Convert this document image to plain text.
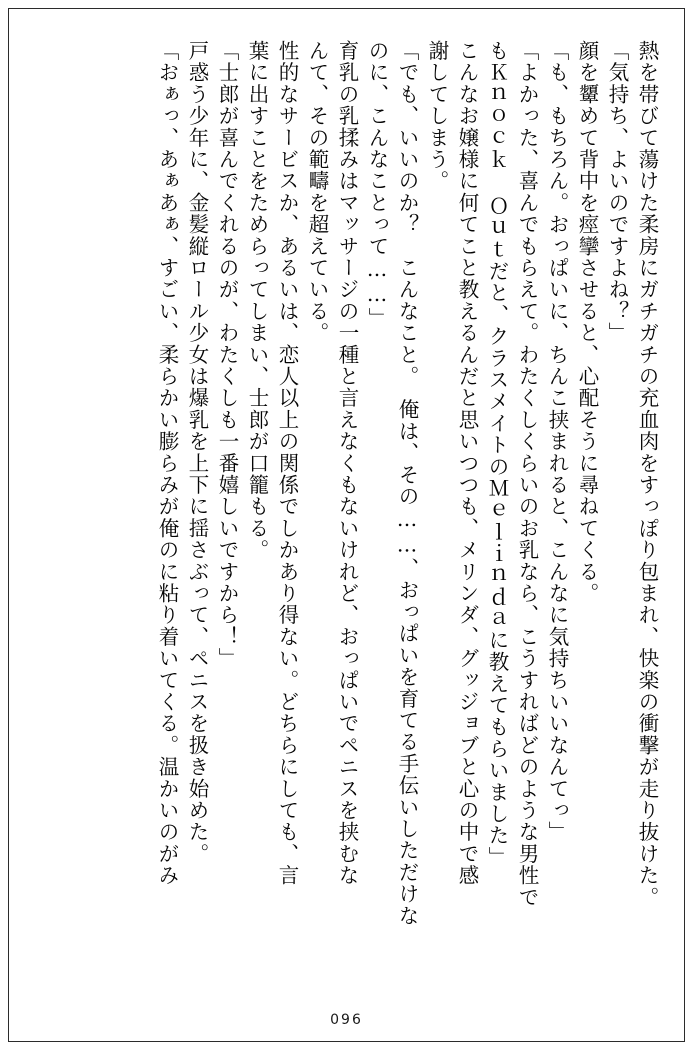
熱を帯びて蕩けた柔房にガチガチの充血肉をすっぽり包まれ、快楽の衝撃が走り抜けた。
「気持ち、よいのですよね？」
顔を顰めて背中を痙攣させると、心配そうに尋ねてくる。
「も、もちろん。おっぱいに、ちんこ挟まれると、こんなに気持ちいいなんてっ」
「よかった、喜んでもらえて。わたくしくらいのお乳なら、こうすればどのような男性で
もＫｎｏｃｋ Ｏｕｔだと、クラスメイトのＭｅｌｉｎｄａに教えてもらいました」
こんなお嬢様に何てこと教えるんだと思いつつも、メリンダ、グッジョブと心の中で感
謝してしまう。
「でも、いいのか？　こんなこと。　俺は、その……、おっぱいを育てる手伝いしただけな
のに、こんなことって……」
育乳の乳揉みはマッサージの一種と言えなくもないけれど、おっぱいでペニスを挟むな
んて、その範疇を超えている。
性的なサービスか、あるいは、恋人以上の関係でしかあり得ない。どちらにしても、言
葉に出すことをためらってしまい、士郎が口籠もる。
「士郎が喜んでくれるのが、わたくしも一番嬉しいですから！」
戸惑う少年に、金髪縦ロール少女は爆乳を上下に揺さぶって、ペニスを扱き始めた。
「おぁっ、あぁあぁ、すごい、柔らかい膨らみが俺のに粘り着いてくる。温かいのがみ
096
